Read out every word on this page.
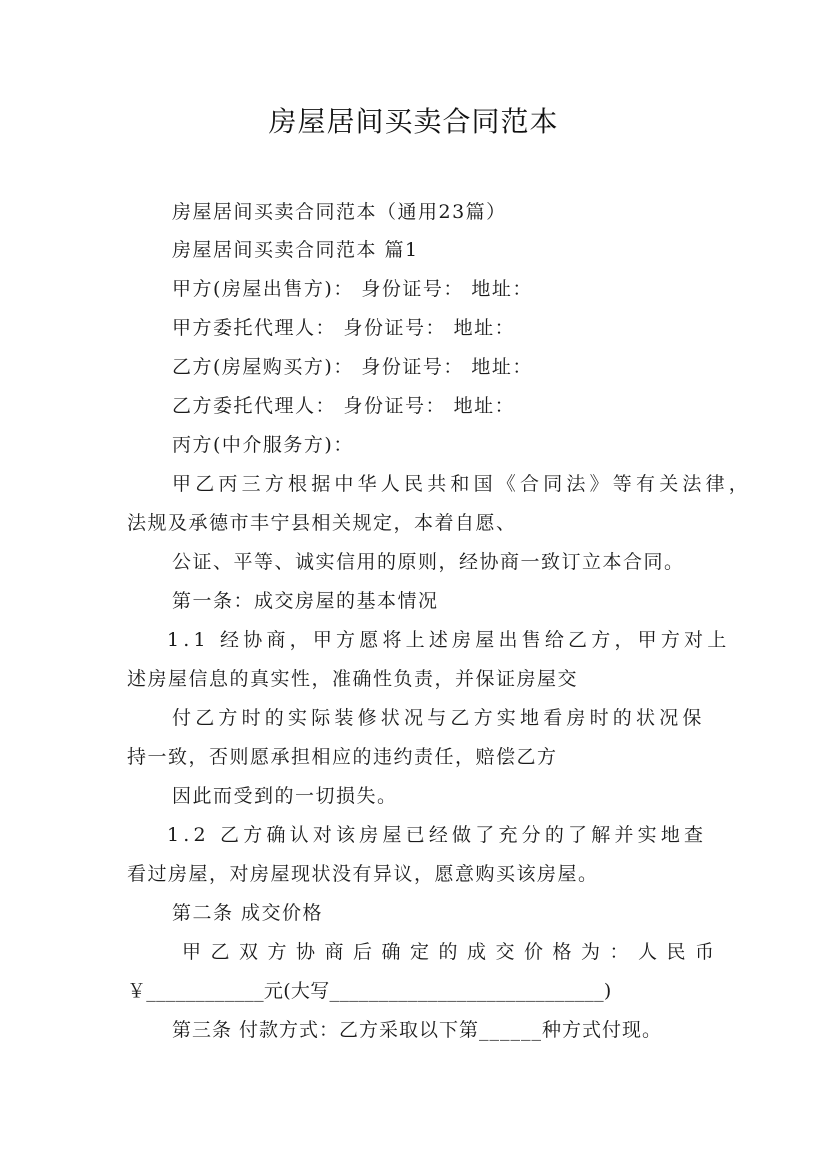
房屋居间买卖合同范本
房屋居间买卖合同范本（通用23篇）
房屋居间买卖合同范本 篇1
甲方(房屋出售方)： 身份证号： 地址：
甲方委托代理人： 身份证号： 地址：
乙方(房屋购买方)： 身份证号： 地址：
乙方委托代理人： 身份证号： 地址：
丙方(中介服务方)：
甲乙丙三方根据中华人民共和国《合同法》等有关法律，
法规及承德市丰宁县相关规定，本着自愿、
公证、平等、诚实信用的原则，经协商一致订立本合同。
第一条：成交房屋的基本情况
1.1 经协商，甲方愿将上述房屋出售给乙方，甲方对上
述房屋信息的真实性，准确性负责，并保证房屋交
付乙方时的实际装修状况与乙方实地看房时的状况保
持一致，否则愿承担相应的违约责任，赔偿乙方
因此而受到的一切损失。
1.2 乙方确认对该房屋已经做了充分的了解并实地查
看过房屋，对房屋现状没有异议，愿意购买该房屋。
第二条 成交价格
甲乙双方协商后确定的成交价格为：人民币
￥____________元(大写____________________________)
第三条 付款方式：乙方采取以下第______种方式付现。
